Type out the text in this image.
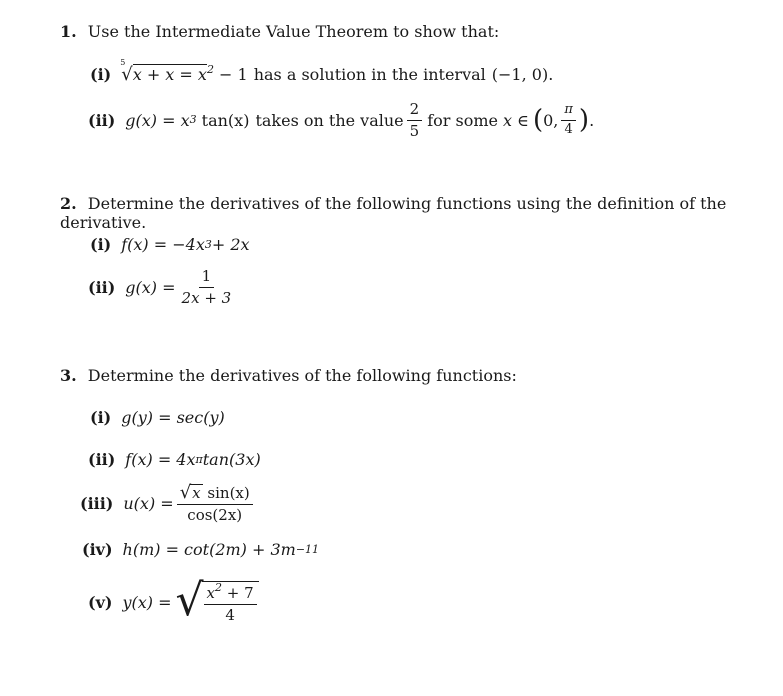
1. Use the Intermediate Value Theorem to show that:
(i)
5
$√x + x = x^2 - 1$ has a solution in the interval (−1, 0).
(ii) g(x) = x 3 tan(x) takes on the value $\frac{2}{5}$ for some x ∈ ( 0, $\frac{\pi}{4}$ ) .
2. Determine the derivatives of the following functions using the definition of the derivative.
(i) f(x) = −4x 3 + 2x
(ii) $g(x) = \frac{1}{2x + 3}$
3. Determine the derivatives of the following functions:
(i) g(y) = sec(y)
(ii) f(x) = 4x π tan(3x)
(iii) $u(x) = \frac{\text{√ x sin(x)}}{\cos(2x)}$
(iv) h(m) = cot(2m) + 3m −11
(v) y(x) = √ $\frac{x^2 + 7}{4}$
